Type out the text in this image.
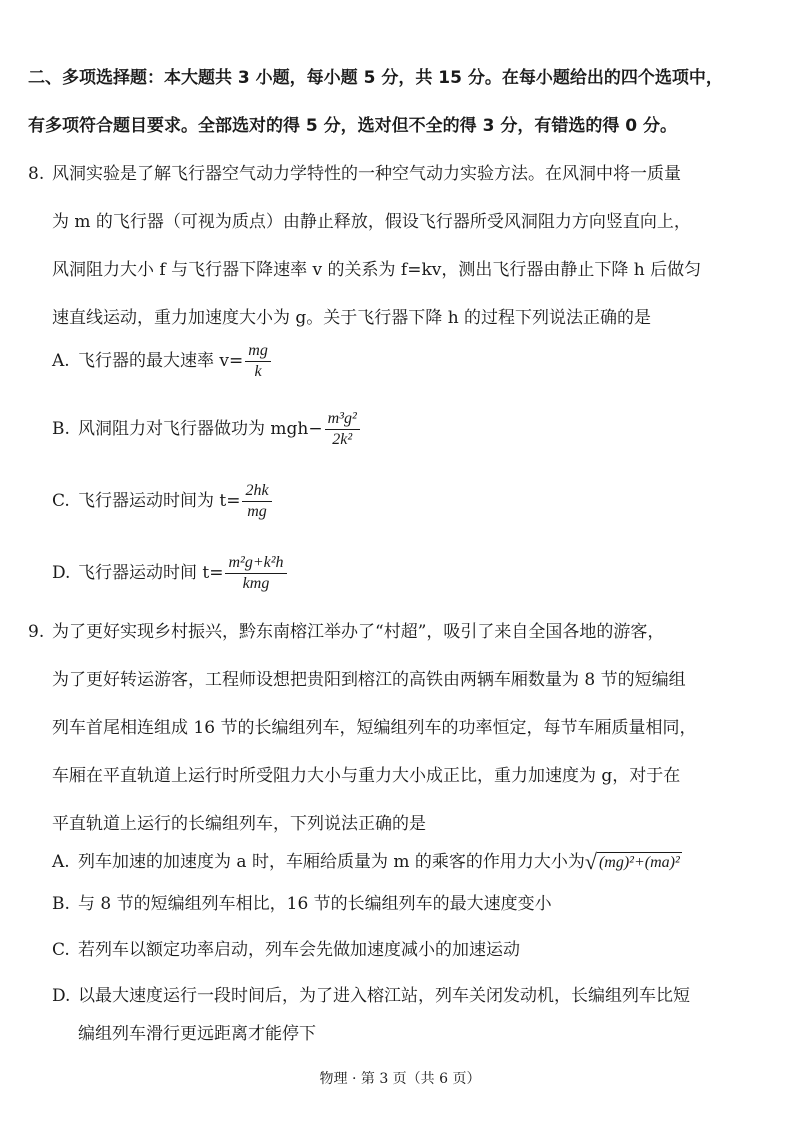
二、多项选择题：本大题共 3 小题，每小题 5 分，共 15 分。在每小题给出的四个选项中，
有多项符合题目要求。全部选对的得 5 分，选对但不全的得 3 分，有错选的得 0 分。
8. 风洞实验是了解飞行器空气动力学特性的一种空气动力实验方法。在风洞中将一质量
为 m 的飞行器（可视为质点）由静止释放，假设飞行器所受风洞阻力方向竖直向上，
风洞阻力大小 f 与飞行器下降速率 v 的关系为 f=kv，测出飞行器由静止下降 h 后做匀
速直线运动，重力加速度大小为 g。关于飞行器下降 h 的过程下列说法正确的是
A. 飞行器的最大速率 $v= \frac{mg}{k}$
B. 风洞阻力对飞行器做功为 $mgh- \frac{\text{m³g²}}{\text{2k²}}$
C. 飞行器运动时间为 $t= \frac{2hk}{mg}$
D. 飞行器运动时间 $t= \frac{\text{m²g+k²h}}{\text{kmg}}$
9. 为了更好实现乡村振兴，黔东南榕江举办了“村超”，吸引了来自全国各地的游客，
为了更好转运游客，工程师设想把贵阳到榕江的高铁由两辆车厢数量为 8 节的短编组
列车首尾相连组成 16 节的长编组列车，短编组列车的功率恒定，每节车厢质量相同，
车厢在平直轨道上运行时所受阻力大小与重力大小成正比，重力加速度为 g，对于在
平直轨道上运行的长编组列车，下列说法正确的是
A. 列车加速的加速度为 a 时，车厢给质量为 m 的乘客的作用力大小为√ (mg)²+(ma)²
B. 与 8 节的短编组列车相比，16 节的长编组列车的最大速度变小
C. 若列车以额定功率启动，列车会先做加速度减小的加速运动
D. 以最大速度运行一段时间后，为了进入榕江站，列车关闭发动机，长编组列车比短
编组列车滑行更远距离才能停下
物理 · 第 3 页（共 6 页）
